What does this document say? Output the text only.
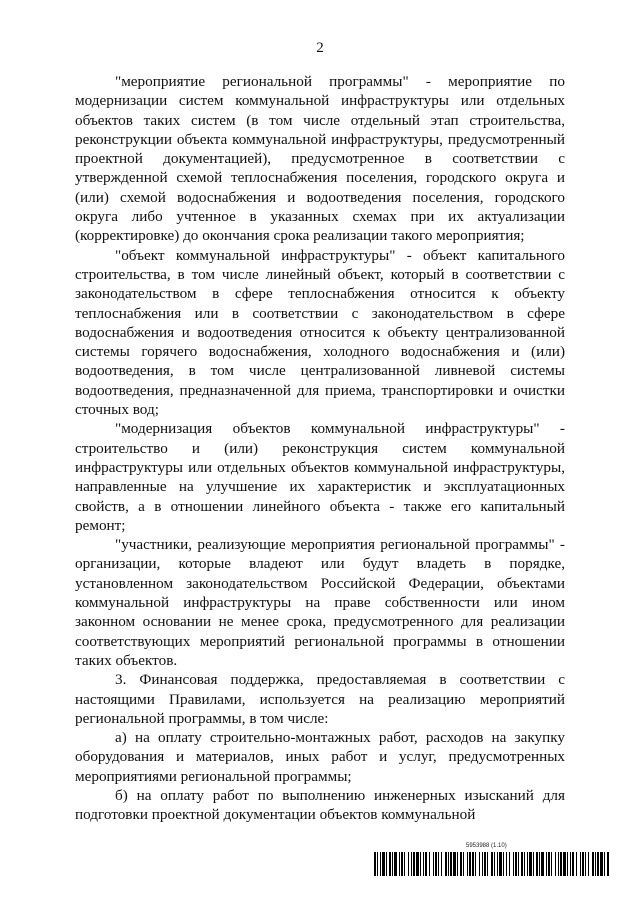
2

"мероприятие региональной программы" - мероприятие по модернизации систем коммунальной инфраструктуры или отдельных объектов таких систем (в том числе отдельный этап строительства, реконструкции объекта коммунальной инфраструктуры, предусмотренный проектной документацией), предусмотренное в соответствии с утвержденной схемой теплоснабжения поселения, городского округа и (или) схемой водоснабжения и водоотведения поселения, городского округа либо учтенное в указанных схемах при их актуализации (корректировке) до окончания срока реализации такого мероприятия;

"объект коммунальной инфраструктуры" - объект капитального строительства, в том числе линейный объект, который в соответствии с законодательством в сфере теплоснабжения относится к объекту теплоснабжения или в соответствии с законодательством в сфере водоснабжения и водоотведения относится к объекту централизованной системы горячего водоснабжения, холодного водоснабжения и (или) водоотведения, в том числе централизованной ливневой системы водоотведения, предназначенной для приема, транспортировки и очистки сточных вод;

"модернизация объектов коммунальной инфраструктуры" - строительство и (или) реконструкция систем коммунальной инфраструктуры или отдельных объектов коммунальной инфраструктуры, направленные на улучшение их характеристик и эксплуатационных свойств, а в отношении линейного объекта - также его капитальный ремонт;

"участники, реализующие мероприятия региональной программы" - организации, которые владеют или будут владеть в порядке, установленном законодательством Российской Федерации, объектами коммунальной инфраструктуры на праве собственности или ином законном основании не менее срока, предусмотренного для реализации соответствующих мероприятий региональной программы в отношении таких объектов.

3. Финансовая поддержка, предоставляемая в соответствии с настоящими Правилами, используется на реализацию мероприятий региональной программы, в том числе:

а) на оплату строительно-монтажных работ, расходов на закупку оборудования и материалов, иных работ и услуг, предусмотренных мероприятиями региональной программы;

б) на оплату работ по выполнению инженерных изысканий для подготовки проектной документации объектов коммунальной

5953988 (1.10)
